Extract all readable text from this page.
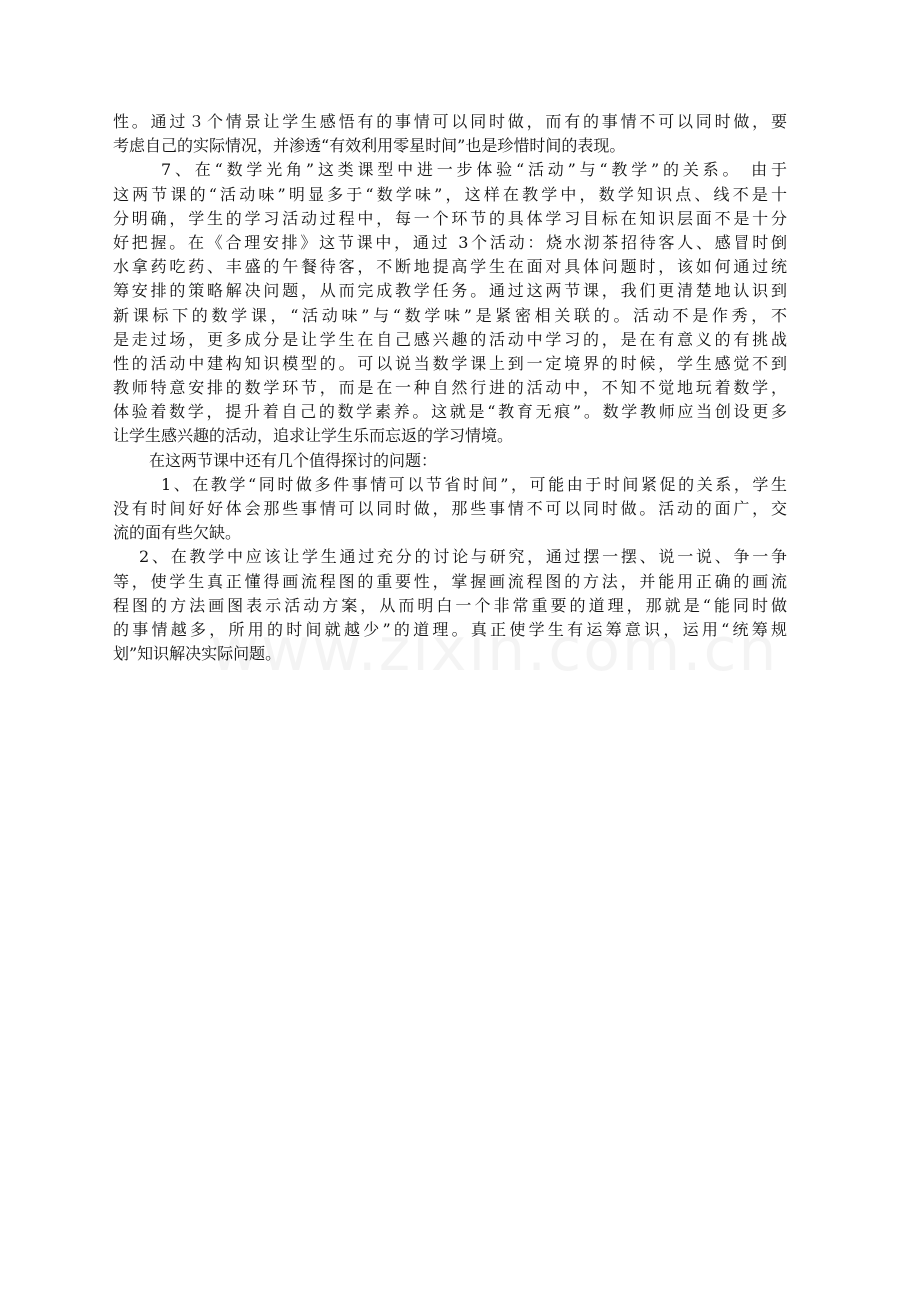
性。通过３个情景让学生感悟有的事情可以同时做，而有的事情不可以同时做，要
考虑自己的实际情况，并渗透“有效利用零星时间”也是珍惜时间的表现。
7、在“数学光角”这类课型中进一步体验“活动”与“教学”的关系。 由于
这两节课的“活动味”明显多于“数学味”，这样在教学中，数学知识点、线不是十
分明确，学生的学习活动过程中，每一个环节的具体学习目标在知识层面不是十分
好把握。在《合理安排》这节课中，通过 3个活动：烧水沏茶招待客人、感冒时倒
水拿药吃药、丰盛的午餐待客，不断地提高学生在面对具体问题时，该如何通过统
筹安排的策略解决问题，从而完成教学任务。通过这两节课，我们更清楚地认识到
新课标下的数学课，“活动味”与“数学味”是紧密相关联的。活动不是作秀，不
是走过场，更多成分是让学生在自己感兴趣的活动中学习的，是在有意义的有挑战
性的活动中建构知识模型的。可以说当数学课上到一定境界的时候，学生感觉不到
教师特意安排的数学环节，而是在一种自然行进的活动中，不知不觉地玩着数学，
体验着数学，提升着自己的数学素养。这就是“教育无痕”。数学教师应当创设更多
让学生感兴趣的活动，追求让学生乐而忘返的学习情境。
在这两节课中还有几个值得探讨的问题：
1、在教学“同时做多件事情可以节省时间”，可能由于时间紧促的关系，学生
没有时间好好体会那些事情可以同时做，那些事情不可以同时做。活动的面广，交
流的面有些欠缺。
2、在教学中应该让学生通过充分的讨论与研究，通过摆一摆、说一说、争一争
等，使学生真正懂得画流程图的重要性，掌握画流程图的方法，并能用正确的画流
程图的方法画图表示活动方案，从而明白一个非常重要的道理，那就是“能同时做
的事情越多，所用的时间就越少”的道理。真正使学生有运筹意识，运用“统筹规
划”知识解决实际问题。
